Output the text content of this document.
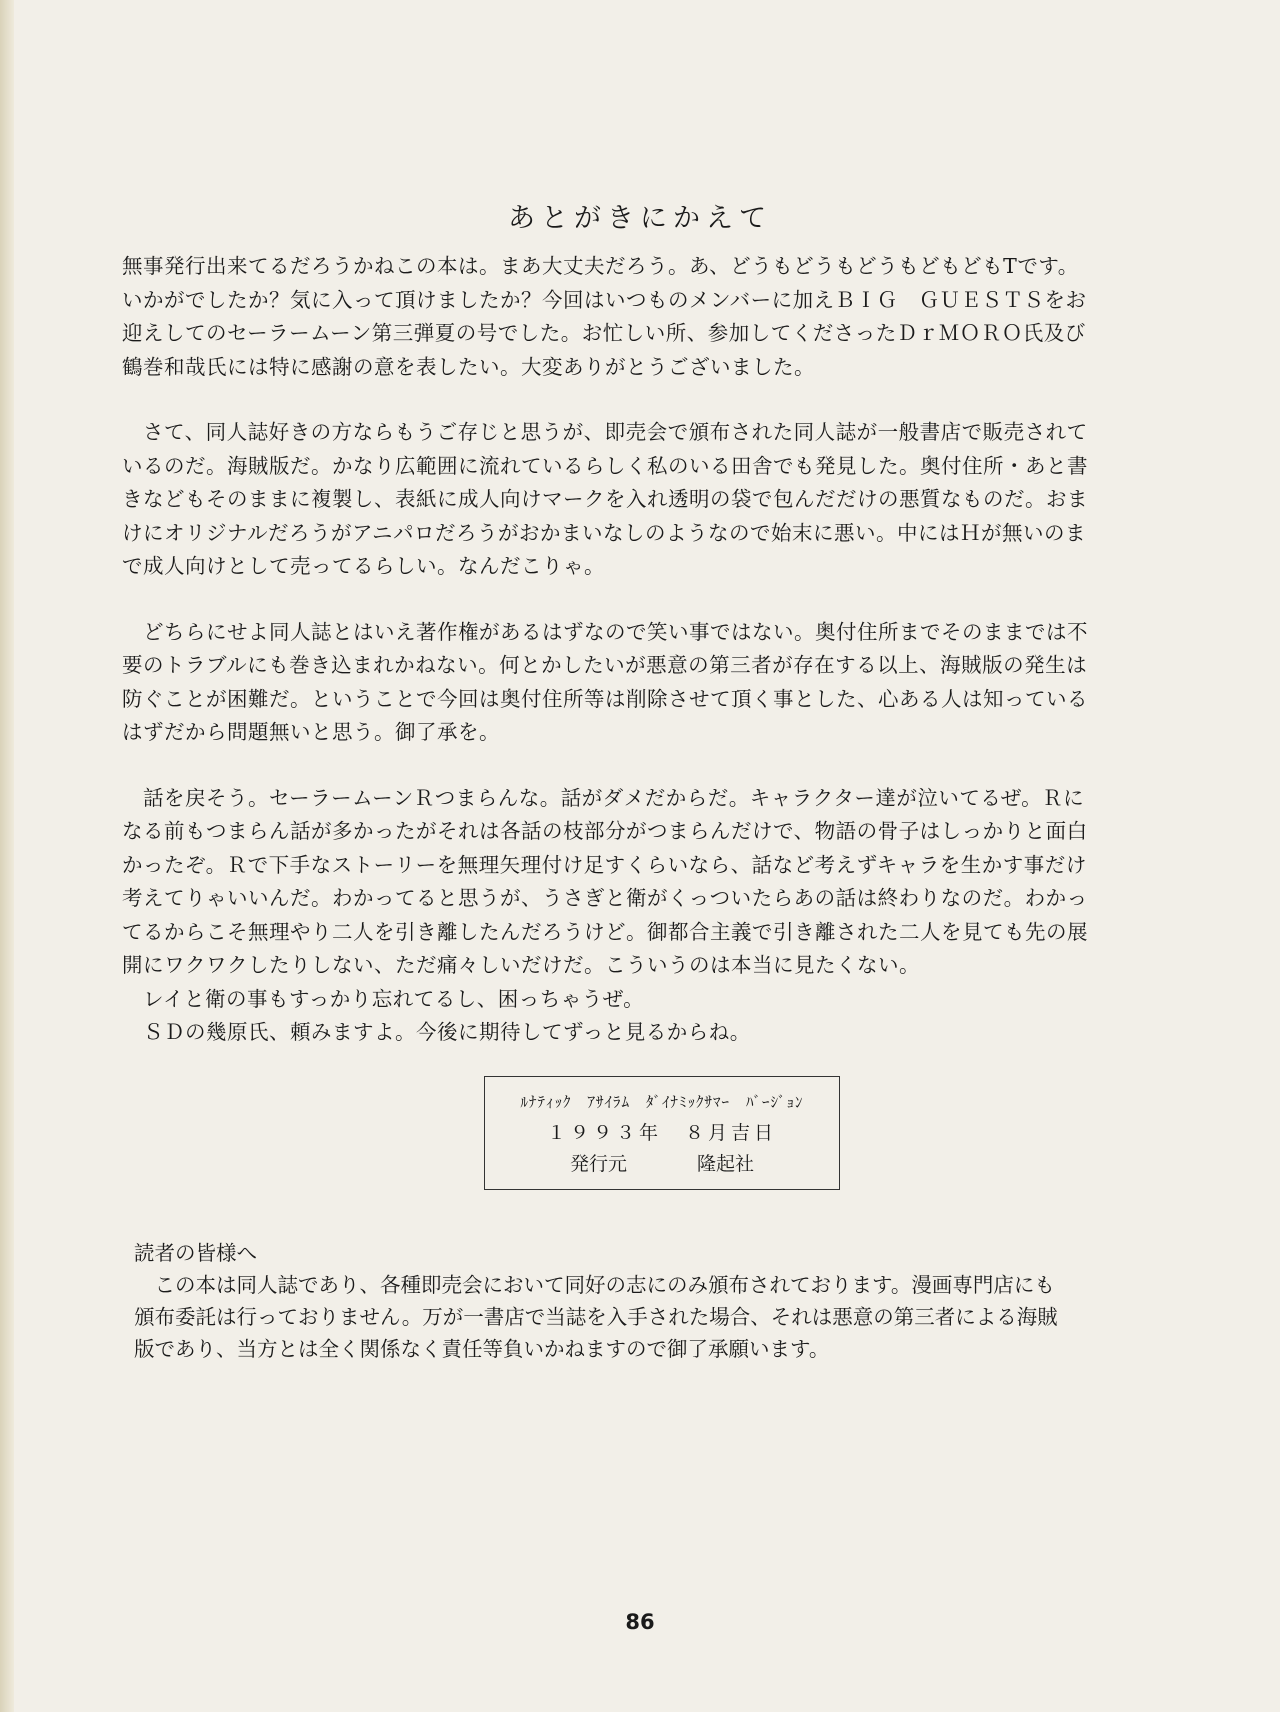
あとがきにかえて

無事発行出来てるだろうかねこの本は。まあ大丈夫だろう。あ、どうもどうもどうもどもどもTです。
いかがでしたか？気に入って頂けましたか？今回はいつものメンバーに加えＢＩＧ　ＧＵＥＳＴＳをお
迎えしてのセーラームーン第三弾夏の号でした。お忙しい所、参加してくださったＤｒＭＯＲＯ氏及び
鶴巻和哉氏には特に感謝の意を表したい。大変ありがとうございました。

　さて、同人誌好きの方ならもうご存じと思うが、即売会で頒布された同人誌が一般書店で販売されて
いるのだ。海賊版だ。かなり広範囲に流れているらしく私のいる田舎でも発見した。奥付住所・あと書
きなどもそのままに複製し、表紙に成人向けマークを入れ透明の袋で包んだだけの悪質なものだ。おま
けにオリジナルだろうがアニパロだろうがおかまいなしのようなので始末に悪い。中にはＨが無いのま
で成人向けとして売ってるらしい。なんだこりゃ。

　どちらにせよ同人誌とはいえ著作権があるはずなので笑い事ではない。奥付住所までそのままでは不
要のトラブルにも巻き込まれかねない。何とかしたいが悪意の第三者が存在する以上、海賊版の発生は
防ぐことが困難だ。ということで今回は奥付住所等は削除させて頂く事とした、心ある人は知っている
はずだから問題無いと思う。御了承を。

　話を戻そう。セーラームーンＲつまらんな。話がダメだからだ。キャラクター達が泣いてるぜ。Ｒに
なる前もつまらん話が多かったがそれは各話の枝部分がつまらんだけで、物語の骨子はしっかりと面白
かったぞ。Ｒで下手なストーリーを無理矢理付け足すくらいなら、話など考えずキャラを生かす事だけ
考えてりゃいいんだ。わかってると思うが、うさぎと衛がくっついたらあの話は終わりなのだ。わかっ
てるからこそ無理やり二人を引き離したんだろうけど。御都合主義で引き離された二人を見ても先の展
開にワクワクしたりしない、ただ痛々しいだけだ。こういうのは本当に見たくない。
　レイと衛の事もすっかり忘れてるし、困っちゃうぜ。
　ＳＤの幾原氏、頼みますよ。今後に期待してずっと見るからね。

ﾙﾅﾃｨｯｸ　ｱｻｲﾗﾑ　ﾀﾞｲﾅﾐｯｸｻﾏｰ　ﾊﾞｰｼﾞｮﾝ
１９９３年　８月吉日
発行元	隆起社

読者の皆様へ

　この本は同人誌であり、各種即売会において同好の志にのみ頒布されております。漫画専門店にも
頒布委託は行っておりません。万が一書店で当誌を入手された場合、それは悪意の第三者による海賊
版であり、当方とは全く関係なく責任等負いかねますので御了承願います。

86
